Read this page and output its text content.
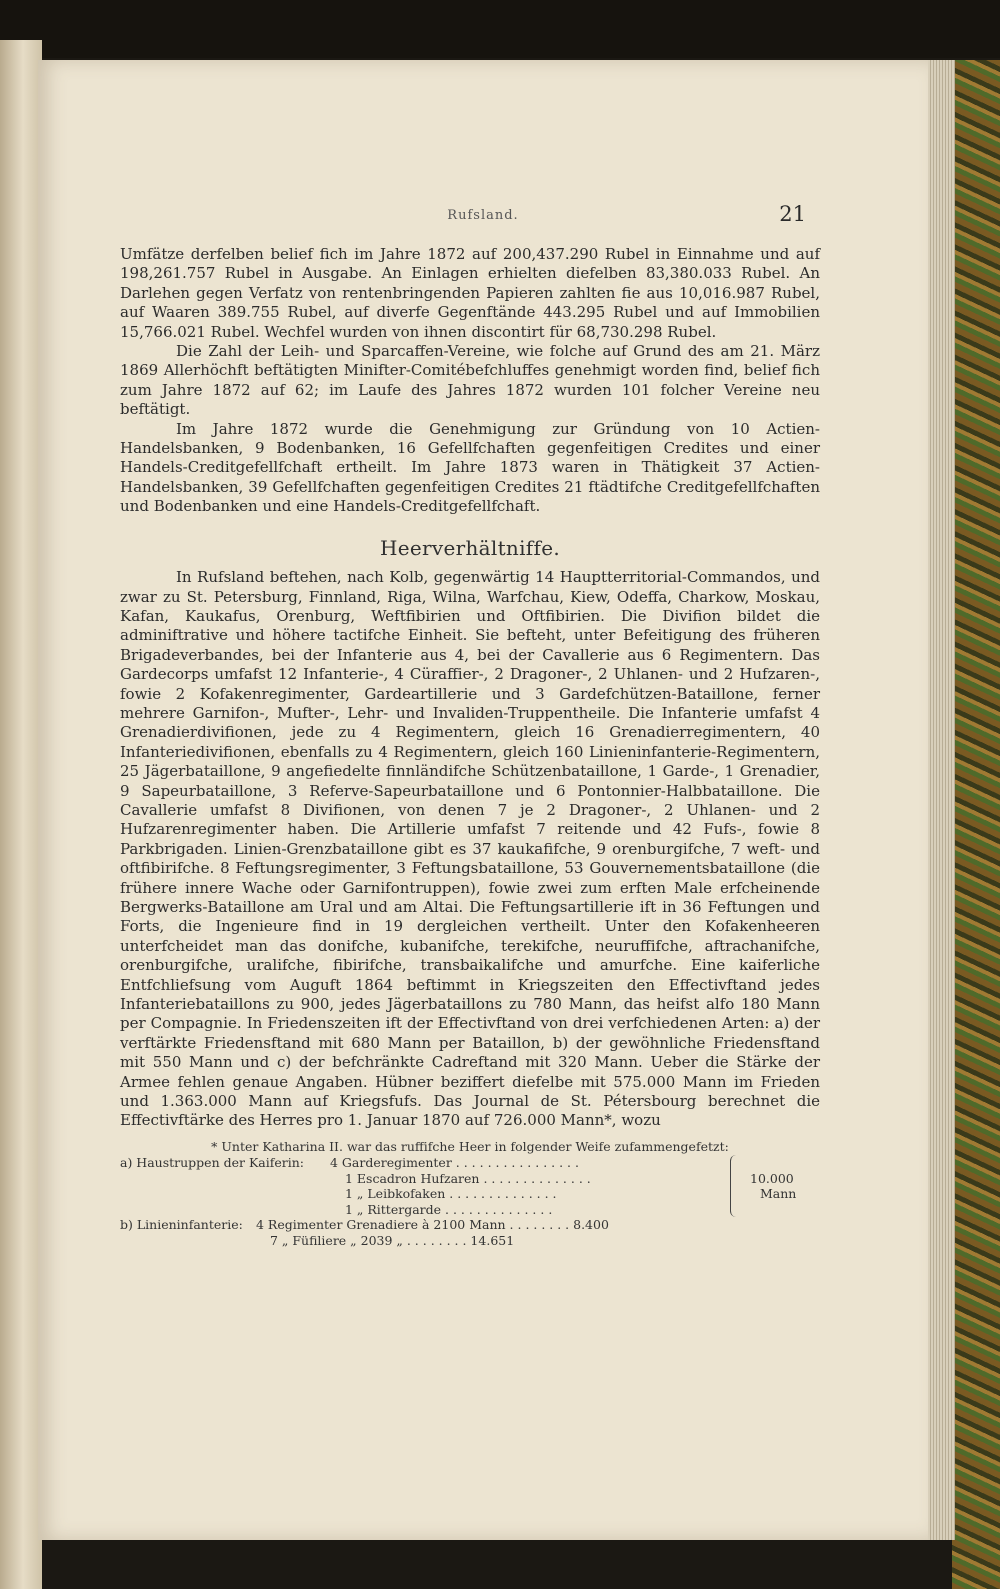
Rufsland.	21

Umfätze derfelben belief fich im Jahre 1872 auf 200,437.290 Rubel in Einnahme und auf 198,261.757 Rubel in Ausgabe. An Einlagen erhielten diefelben 83,380.033 Rubel. An Darlehen gegen Verfatz von rentenbringenden Papieren zahlten fie aus 10,016.987 Rubel, auf Waaren 389.755 Rubel, auf diverfe Gegenftände 443.295 Rubel und auf Immobilien 15,766.021 Rubel. Wechfel wurden von ihnen discontirt für 68,730.298 Rubel.

Die Zahl der Leih- und Sparcaffen-Vereine, wie folche auf Grund des am 21. März 1869 Allerhöchft beftätigten Minifter-Comitébefchluffes genehmigt worden find, belief fich zum Jahre 1872 auf 62; im Laufe des Jahres 1872 wurden 101 folcher Vereine neu beftätigt.

Im Jahre 1872 wurde die Genehmigung zur Gründung von 10 Actien-Handelsbanken, 9 Bodenbanken, 16 Gefellfchaften gegenfeitigen Credites und einer Handels-Creditgefellfchaft ertheilt. Im Jahre 1873 waren in Thätigkeit 37 Actien-Handelsbanken, 39 Gefellfchaften gegenfeitigen Credites 21 ftädtifche Creditgefellfchaften und Bodenbanken und eine Handels-Creditgefellfchaft.

Heerverhältniffe.

In Rufsland beftehen, nach Kolb, gegenwärtig 14 Hauptterritorial-Commandos, und zwar zu St. Petersburg, Finnland, Riga, Wilna, Warfchau, Kiew, Odeffa, Charkow, Moskau, Kafan, Kaukafus, Orenburg, Weftfibirien und Oftfibirien. Die Divifion bildet die adminiftrative und höhere tactifche Einheit. Sie befteht, unter Befeitigung des früheren Brigadeverbandes, bei der Infanterie aus 4, bei der Cavallerie aus 6 Regimentern. Das Gardecorps umfafst 12 Infanterie-, 4 Cüraffier-, 2 Dragoner-, 2 Uhlanen- und 2 Hufzaren-, fowie 2 Kofakenregimenter, Gardeartillerie und 3 Gardefchützen-Bataillone, ferner mehrere Garnifon-, Mufter-, Lehr- und Invaliden-Truppentheile. Die Infanterie umfafst 4 Grenadierdivifionen, jede zu 4 Regimentern, gleich 16 Grenadierregimentern, 40 Infanteriedivifionen, ebenfalls zu 4 Regimentern, gleich 160 Linieninfanterie-Regimentern, 25 Jägerbataillone, 9 angefiedelte finnländifche Schützenbataillone, 1 Garde-, 1 Grenadier, 9 Sapeurbataillone, 3 Referve-Sapeurbataillone und 6 Pontonnier-Halbbataillone. Die Cavallerie umfafst 8 Divifionen, von denen 7 je 2 Dragoner-, 2 Uhlanen- und 2 Hufzarenregimenter haben. Die Artillerie umfafst 7 reitende und 42 Fufs-, fowie 8 Parkbrigaden. Linien-Grenzbataillone gibt es 37 kaukafifche, 9 orenburgifche, 7 weft- und oftfibirifche. 8 Feftungsregimenter, 3 Feftungsbataillone, 53 Gouvernementsbataillone (die frühere innere Wache oder Garnifontruppen), fowie zwei zum erften Male erfcheinende Bergwerks-Bataillone am Ural und am Altai. Die Feftungsartillerie ift in 36 Feftungen und Forts, die Ingenieure find in 19 dergleichen vertheilt. Unter den Kofakenheeren unterfcheidet man das donifche, kubanifche, terekifche, neuruffifche, aftrachanifche, orenburgifche, uralifche, fibirifche, transbaikalifche und amurfche. Eine kaiferliche Entfchliefsung vom Auguft 1864 beftimmt in Kriegszeiten den Effectivftand jedes Infanteriebataillons zu 900, jedes Jägerbataillons zu 780 Mann, das heifst alfo 180 Mann per Compagnie. In Friedenszeiten ift der Effectivftand von drei verfchiedenen Arten: a) der verftärkte Friedensftand mit 680 Mann per Bataillon, b) der gewöhnliche Friedensftand mit 550 Mann und c) der befchränkte Cadreftand mit 320 Mann. Ueber die Stärke der Armee fehlen genaue Angaben. Hübner beziffert diefelbe mit 575.000 Mann im Frieden und 1.363.000 Mann auf Kriegsfufs. Das Journal de St. Pétersbourg berechnet die Effectivftärke des Herres pro 1. Januar 1870 auf 726.000 Mann*, wozu

* Unter Katharina II. war das ruffifche Heer in folgender Weife zufammengefetzt:
a) Haustruppen der Kaiferin: 4 Garderegimenter . . . . . . . . . . . . . . . .
1 Escadron Hufzaren . . . . . . . . . . . . . .
1 „ Leibkofaken . . . . . . . . . . . . . .
1 „ Rittergarde . . . . . . . . . . . . . .
10.000
Mann
b) Linieninfanterie: 4 Regimenter Grenadiere à 2100 Mann . . . . . . . . 8.400
7 „ Füfiliere „ 2039 „ . . . . . . . . 14.651
